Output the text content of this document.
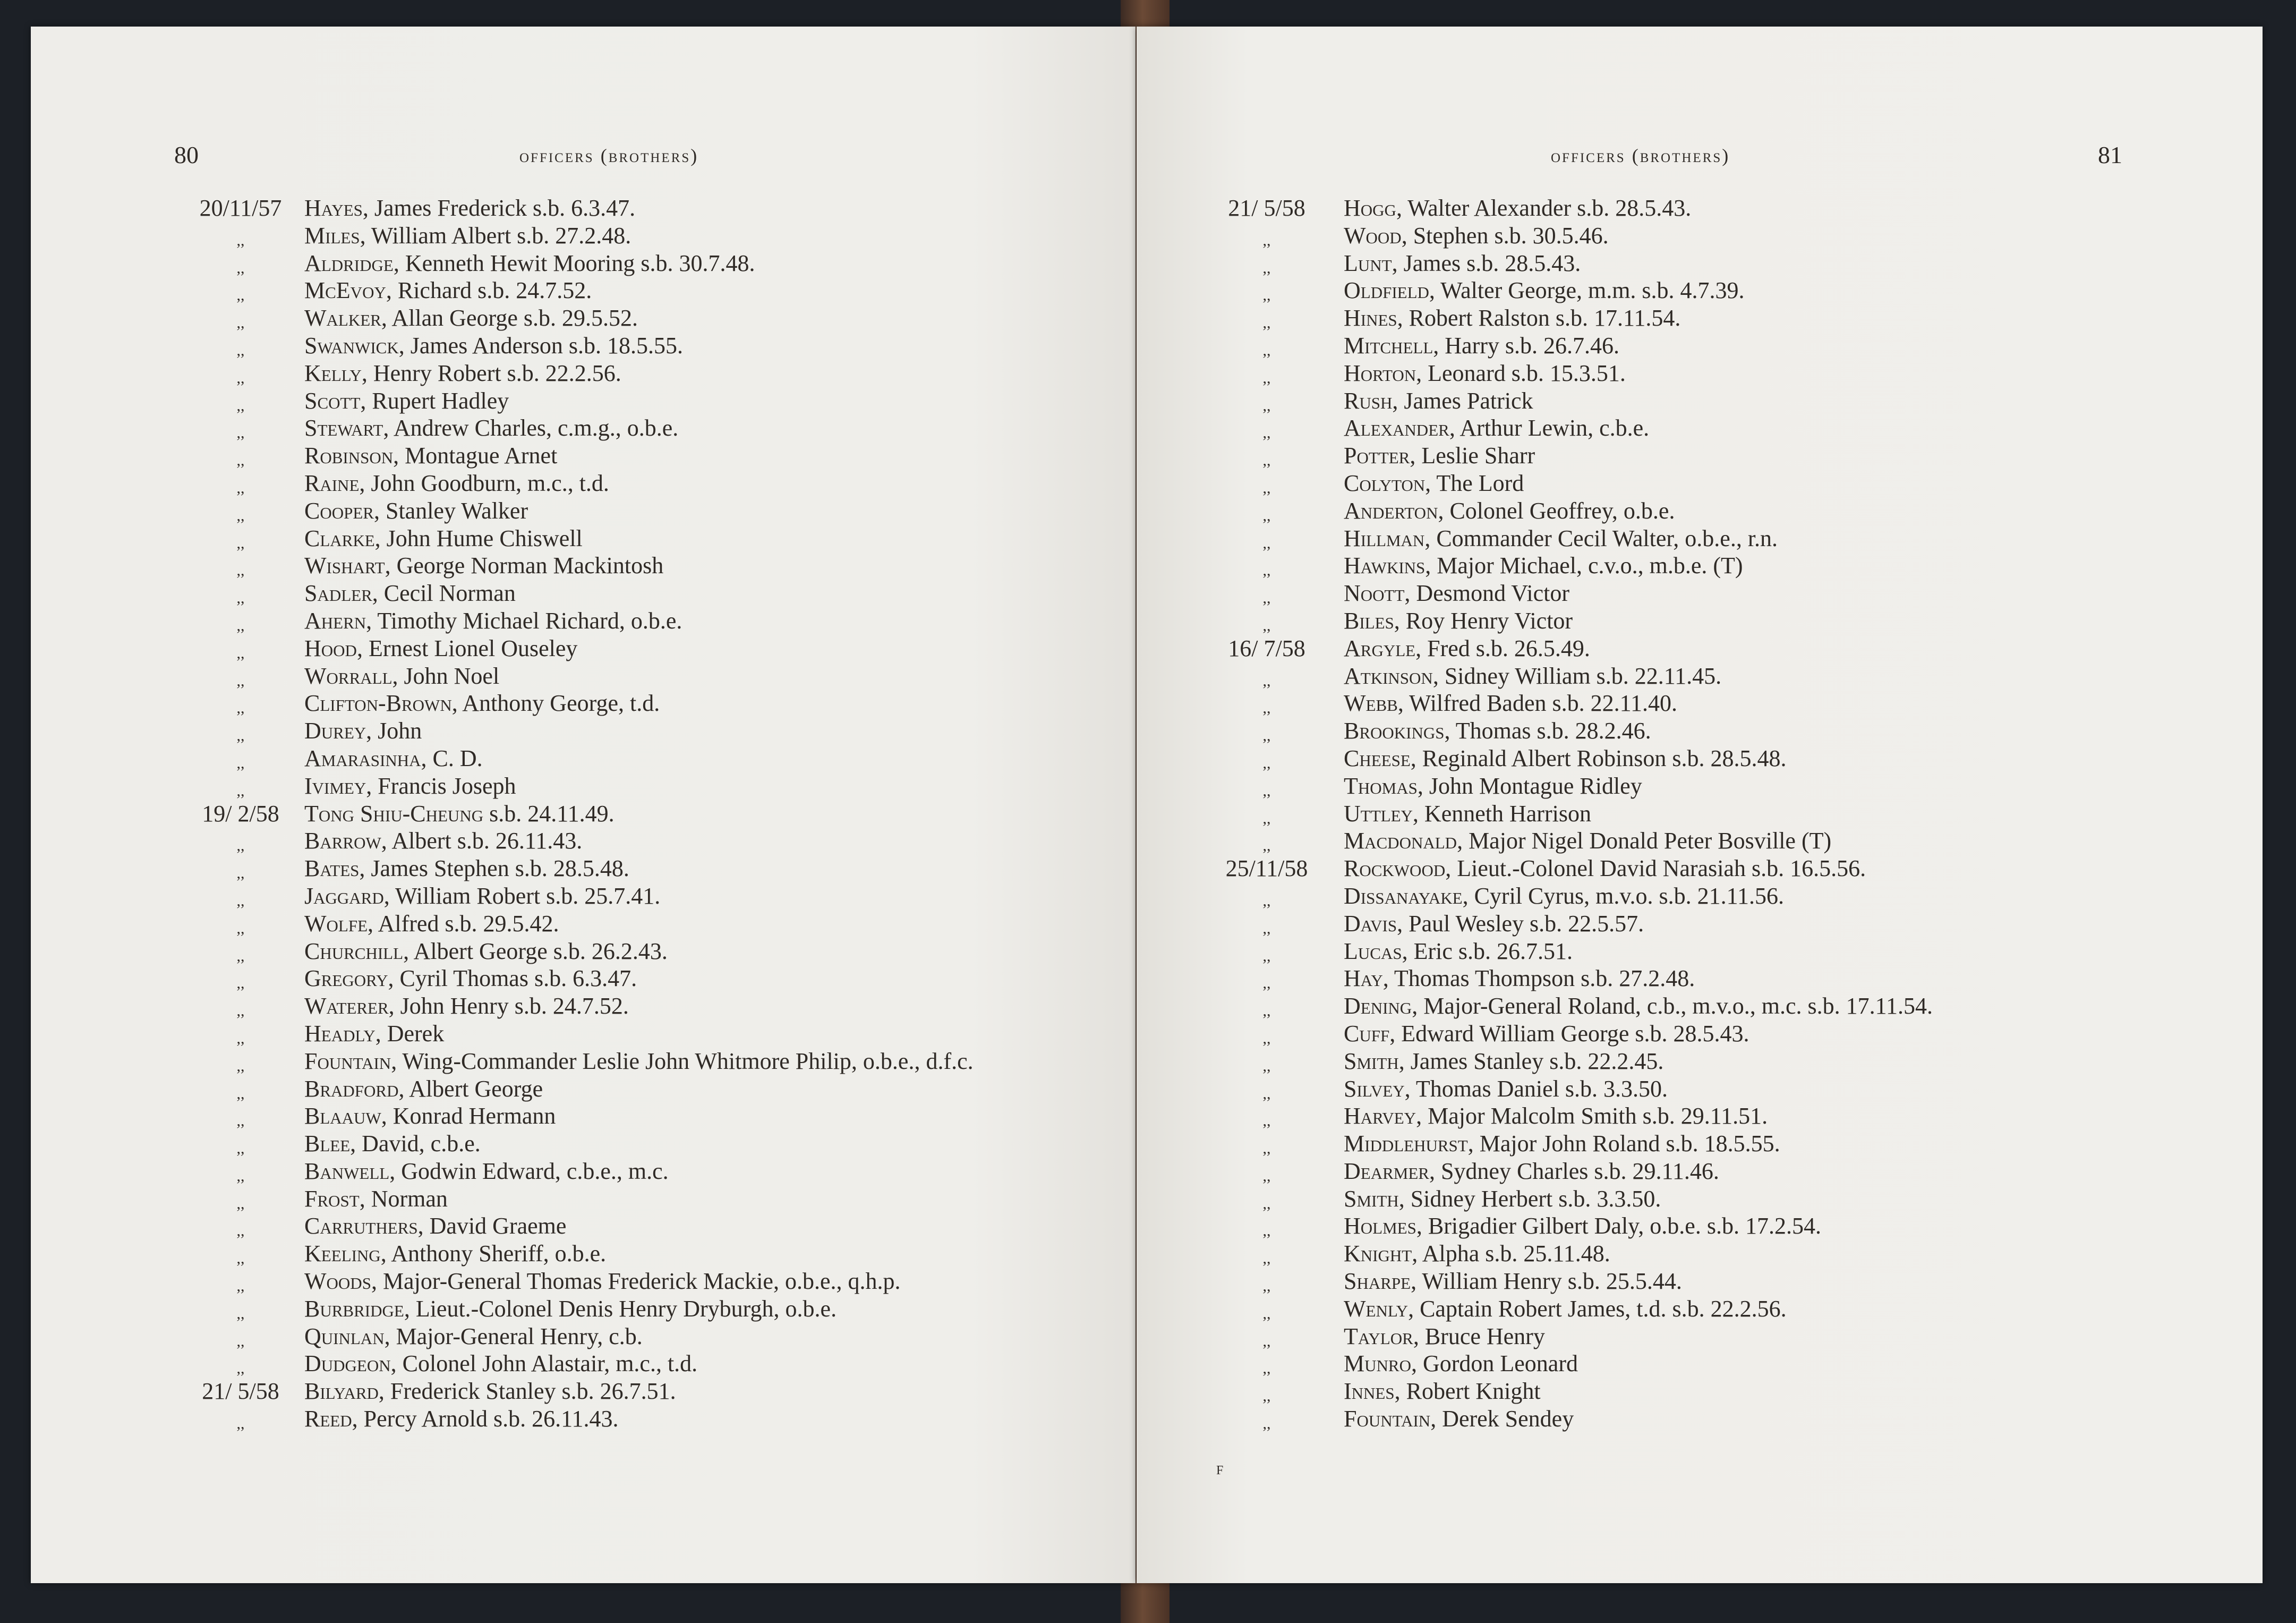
80	officers (brothers)
20/11/57 Hayes, James Frederick s.b. 6.3.47.
,,	Miles, William Albert s.b. 27.2.48.
,,	Aldridge, Kenneth Hewit Mooring s.b. 30.7.48.
,,	McEvoy, Richard s.b. 24.7.52.
,,	Walker, Allan George s.b. 29.5.52.
,,	Swanwick, James Anderson s.b. 18.5.55.
,,	Kelly, Henry Robert s.b. 22.2.56.
,,	Scott, Rupert Hadley
,,	Stewart, Andrew Charles, c.m.g., o.b.e.
,,	Robinson, Montague Arnet
,,	Raine, John Goodburn, m.c., t.d.
,,	Cooper, Stanley Walker
,,	Clarke, John Hume Chiswell
,,	Wishart, George Norman Mackintosh
,,	Sadler, Cecil Norman
,,	Ahern, Timothy Michael Richard, o.b.e.
,,	Hood, Ernest Lionel Ouseley
,,	Worrall, John Noel
,,	Clifton-Brown, Anthony George, t.d.
,,	Durey, John
,,	Amarasinha, C. D.
,,	Ivimey, Francis Joseph
19/ 2/58	Tong Shiu-Cheung s.b. 24.11.49.
,,	Barrow, Albert s.b. 26.11.43.
,,	Bates, James Stephen s.b. 28.5.48.
,,	Jaggard, William Robert s.b. 25.7.41.
,,	Wolfe, Alfred s.b. 29.5.42.
,,	Churchill, Albert George s.b. 26.2.43.
,,	Gregory, Cyril Thomas s.b. 6.3.47.
,,	Waterer, John Henry s.b. 24.7.52.
,,	Headly, Derek
,,	Fountain, Wing-Commander Leslie John Whitmore Philip, o.b.e., d.f.c.
,,	Bradford, Albert George
,,	Blaauw, Konrad Hermann
,,	Blee, David, c.b.e.
,,	Banwell, Godwin Edward, c.b.e., m.c.
,,	Frost, Norman
,,	Carruthers, David Graeme
,,	Keeling, Anthony Sheriff, o.b.e.
,,	Woods, Major-General Thomas Frederick Mackie, o.b.e., q.h.p.
,,	Burbridge, Lieut.-Colonel Denis Henry Dryburgh, o.b.e.
,,	Quinlan, Major-General Henry, c.b.
,,	Dudgeon, Colonel John Alastair, m.c., t.d.
21/ 5/58	Bilyard, Frederick Stanley s.b. 26.7.51.
,,	Reed, Percy Arnold s.b. 26.11.43.
officers (brothers)	81
21/ 5/58	Hogg, Walter Alexander s.b. 28.5.43.
,,	Wood, Stephen s.b. 30.5.46.
,,	Lunt, James s.b. 28.5.43.
,,	Oldfield, Walter George, m.m. s.b. 4.7.39.
,,	Hines, Robert Ralston s.b. 17.11.54.
,,	Mitchell, Harry s.b. 26.7.46.
,,	Horton, Leonard s.b. 15.3.51.
,,	Rush, James Patrick
,,	Alexander, Arthur Lewin, c.b.e.
,,	Potter, Leslie Sharr
,,	Colyton, The Lord
,,	Anderton, Colonel Geoffrey, o.b.e.
,,	Hillman, Commander Cecil Walter, o.b.e., r.n.
,,	Hawkins, Major Michael, c.v.o., m.b.e. (T)
,,	Noott, Desmond Victor
,,	Biles, Roy Henry Victor
16/ 7/58	Argyle, Fred s.b. 26.5.49.
,,	Atkinson, Sidney William s.b. 22.11.45.
,,	Webb, Wilfred Baden s.b. 22.11.40.
,,	Brookings, Thomas s.b. 28.2.46.
,,	Cheese, Reginald Albert Robinson s.b. 28.5.48.
,,	Thomas, John Montague Ridley
,,	Uttley, Kenneth Harrison
,,	Macdonald, Major Nigel Donald Peter Bosville (T)
25/11/58	Rockwood, Lieut.-Colonel David Narasiah s.b. 16.5.56.
,,	Dissanayake, Cyril Cyrus, m.v.o. s.b. 21.11.56.
,,	Davis, Paul Wesley s.b. 22.5.57.
,,	Lucas, Eric s.b. 26.7.51.
,,	Hay, Thomas Thompson s.b. 27.2.48.
,,	Dening, Major-General Roland, c.b., m.v.o., m.c. s.b. 17.11.54.
,,	Cuff, Edward William George s.b. 28.5.43.
,,	Smith, James Stanley s.b. 22.2.45.
,,	Silvey, Thomas Daniel s.b. 3.3.50.
,,	Harvey, Major Malcolm Smith s.b. 29.11.51.
,,	Middlehurst, Major John Roland s.b. 18.5.55.
,,	Dearmer, Sydney Charles s.b. 29.11.46.
,,	Smith, Sidney Herbert s.b. 3.3.50.
,,	Holmes, Brigadier Gilbert Daly, o.b.e. s.b. 17.2.54.
,,	Knight, Alpha s.b. 25.11.48.
,,	Sharpe, William Henry s.b. 25.5.44.
,,	Wenly, Captain Robert James, t.d. s.b. 22.2.56.
,,	Taylor, Bruce Henry
,,	Munro, Gordon Leonard
,,	Innes, Robert Knight
,,	Fountain, Derek Sendey
F
